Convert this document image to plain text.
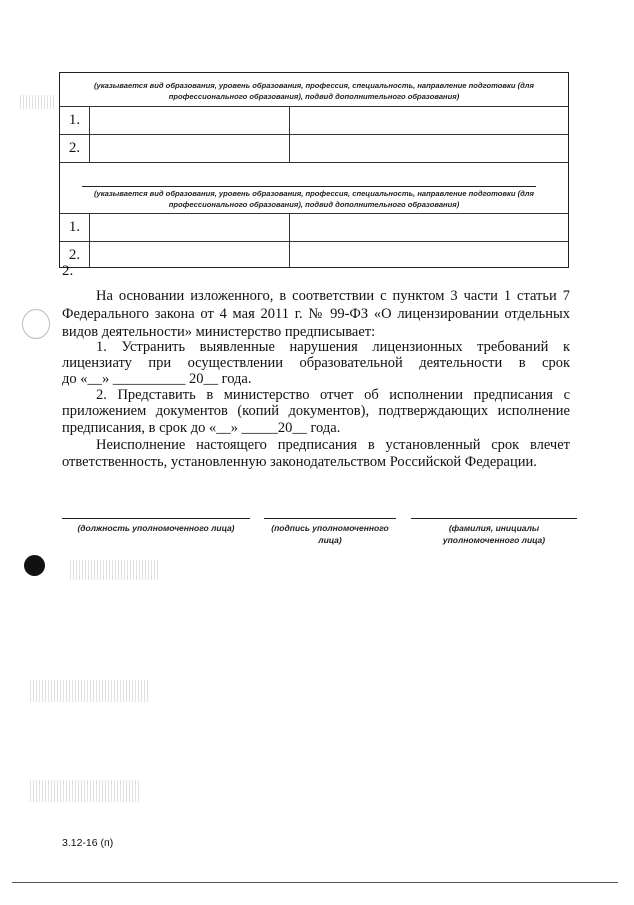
(указывается вид образования, уровень образования, профессия, специальность, направление подготовки (для профессионального образования), подвид дополнительного образования)
1.
2.
2.
(указывается вид образования, уровень образования, профессия, специальность, направление подготовки (для профессионального образования), подвид дополнительного образования)
1.
2.
На основании изложенного, в соответствии с пунктом 3 части 1 статьи 7
Федерального закона от 4 мая 2011 г. № 99-ФЗ «О лицензировании отдельных
видов деятельности» министерство предписывает:
1. Устранить выявленные нарушения лицензионных требований к
лицензиату при осуществлении образовательной деятельности в срок
до «__» __________ 20__ года.
2. Представить в министерство отчет об исполнении предписания с
приложением документов (копий документов), подтверждающих исполнение
предписания, в срок до «__» _____20__ года.
Неисполнение настоящего предписания в установленный срок влечет
ответственность, установленную законодательством Российской Федерации.
(должность уполномоченного лица)	(подпись уполномоченного лица)
(фамилия, инициалы уполномоченного лица)
3.12-16 (п)
